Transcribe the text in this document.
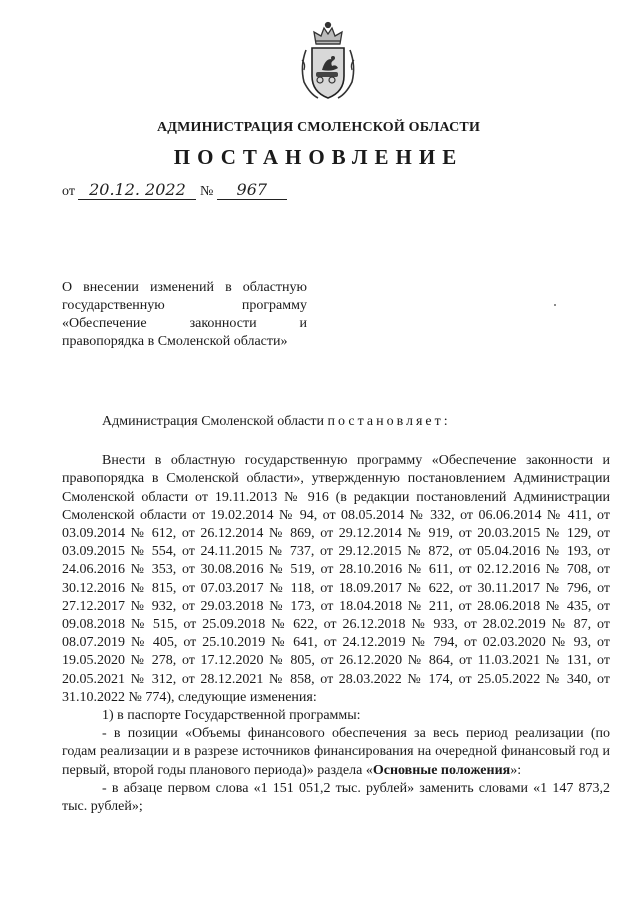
АДМИНИСТРАЦИЯ СМОЛЕНСКОЙ ОБЛАСТИ
ПОСТАНОВЛЕНИЕ
от 20.12. 2022 № 967
О внесении изменений в областную государственную программу «Обеспечение законности и правопорядка в Смоленской области»

Администрация Смоленской области постановляет:

Внести в областную государственную программу «Обеспечение законности и правопорядка в Смоленской области», утвержденную постановлением Администрации Смоленской области от 19.11.2013 № 916 (в редакции постановлений Администрации Смоленской области от 19.02.2014 № 94, от 08.05.2014 № 332, от 06.06.2014 № 411, от 03.09.2014 № 612, от 26.12.2014 № 869, от 29.12.2014 № 919, от 20.03.2015 № 129, от 03.09.2015 № 554, от 24.11.2015 № 737, от 29.12.2015 № 872, от 05.04.2016 № 193, от 24.06.2016 № 353, от 30.08.2016 № 519, от 28.10.2016 № 611, от 02.12.2016 № 708, от 30.12.2016 № 815, от 07.03.2017 № 118, от 18.09.2017 № 622, от 30.11.2017 № 796, от 27.12.2017 № 932, от 29.03.2018 № 173, от 18.04.2018 № 211, от 28.06.2018 № 435, от 09.08.2018 № 515, от 25.09.2018 № 622, от 26.12.2018 № 933, от 28.02.2019 № 87, от 08.07.2019 № 405, от 25.10.2019 № 641, от 24.12.2019 № 794, от 02.03.2020 № 93, от 19.05.2020 № 278, от 17.12.2020 № 805, от 26.12.2020 № 864, от 11.03.2021 № 131, от 20.05.2021 № 312, от 28.12.2021 № 858, от 28.03.2022 № 174, от 25.05.2022 № 340, от 31.10.2022 № 774), следующие изменения:

1) в паспорте Государственной программы:

- в позиции «Объемы финансового обеспечения за весь период реализации (по годам реализации и в разрезе источников финансирования на очередной финансовый год и первый, второй годы планового периода)» раздела «Основные положения»:

- в абзаце первом слова «1 151 051,2 тыс. рублей» заменить словами «1 147 873,2 тыс. рублей»;
